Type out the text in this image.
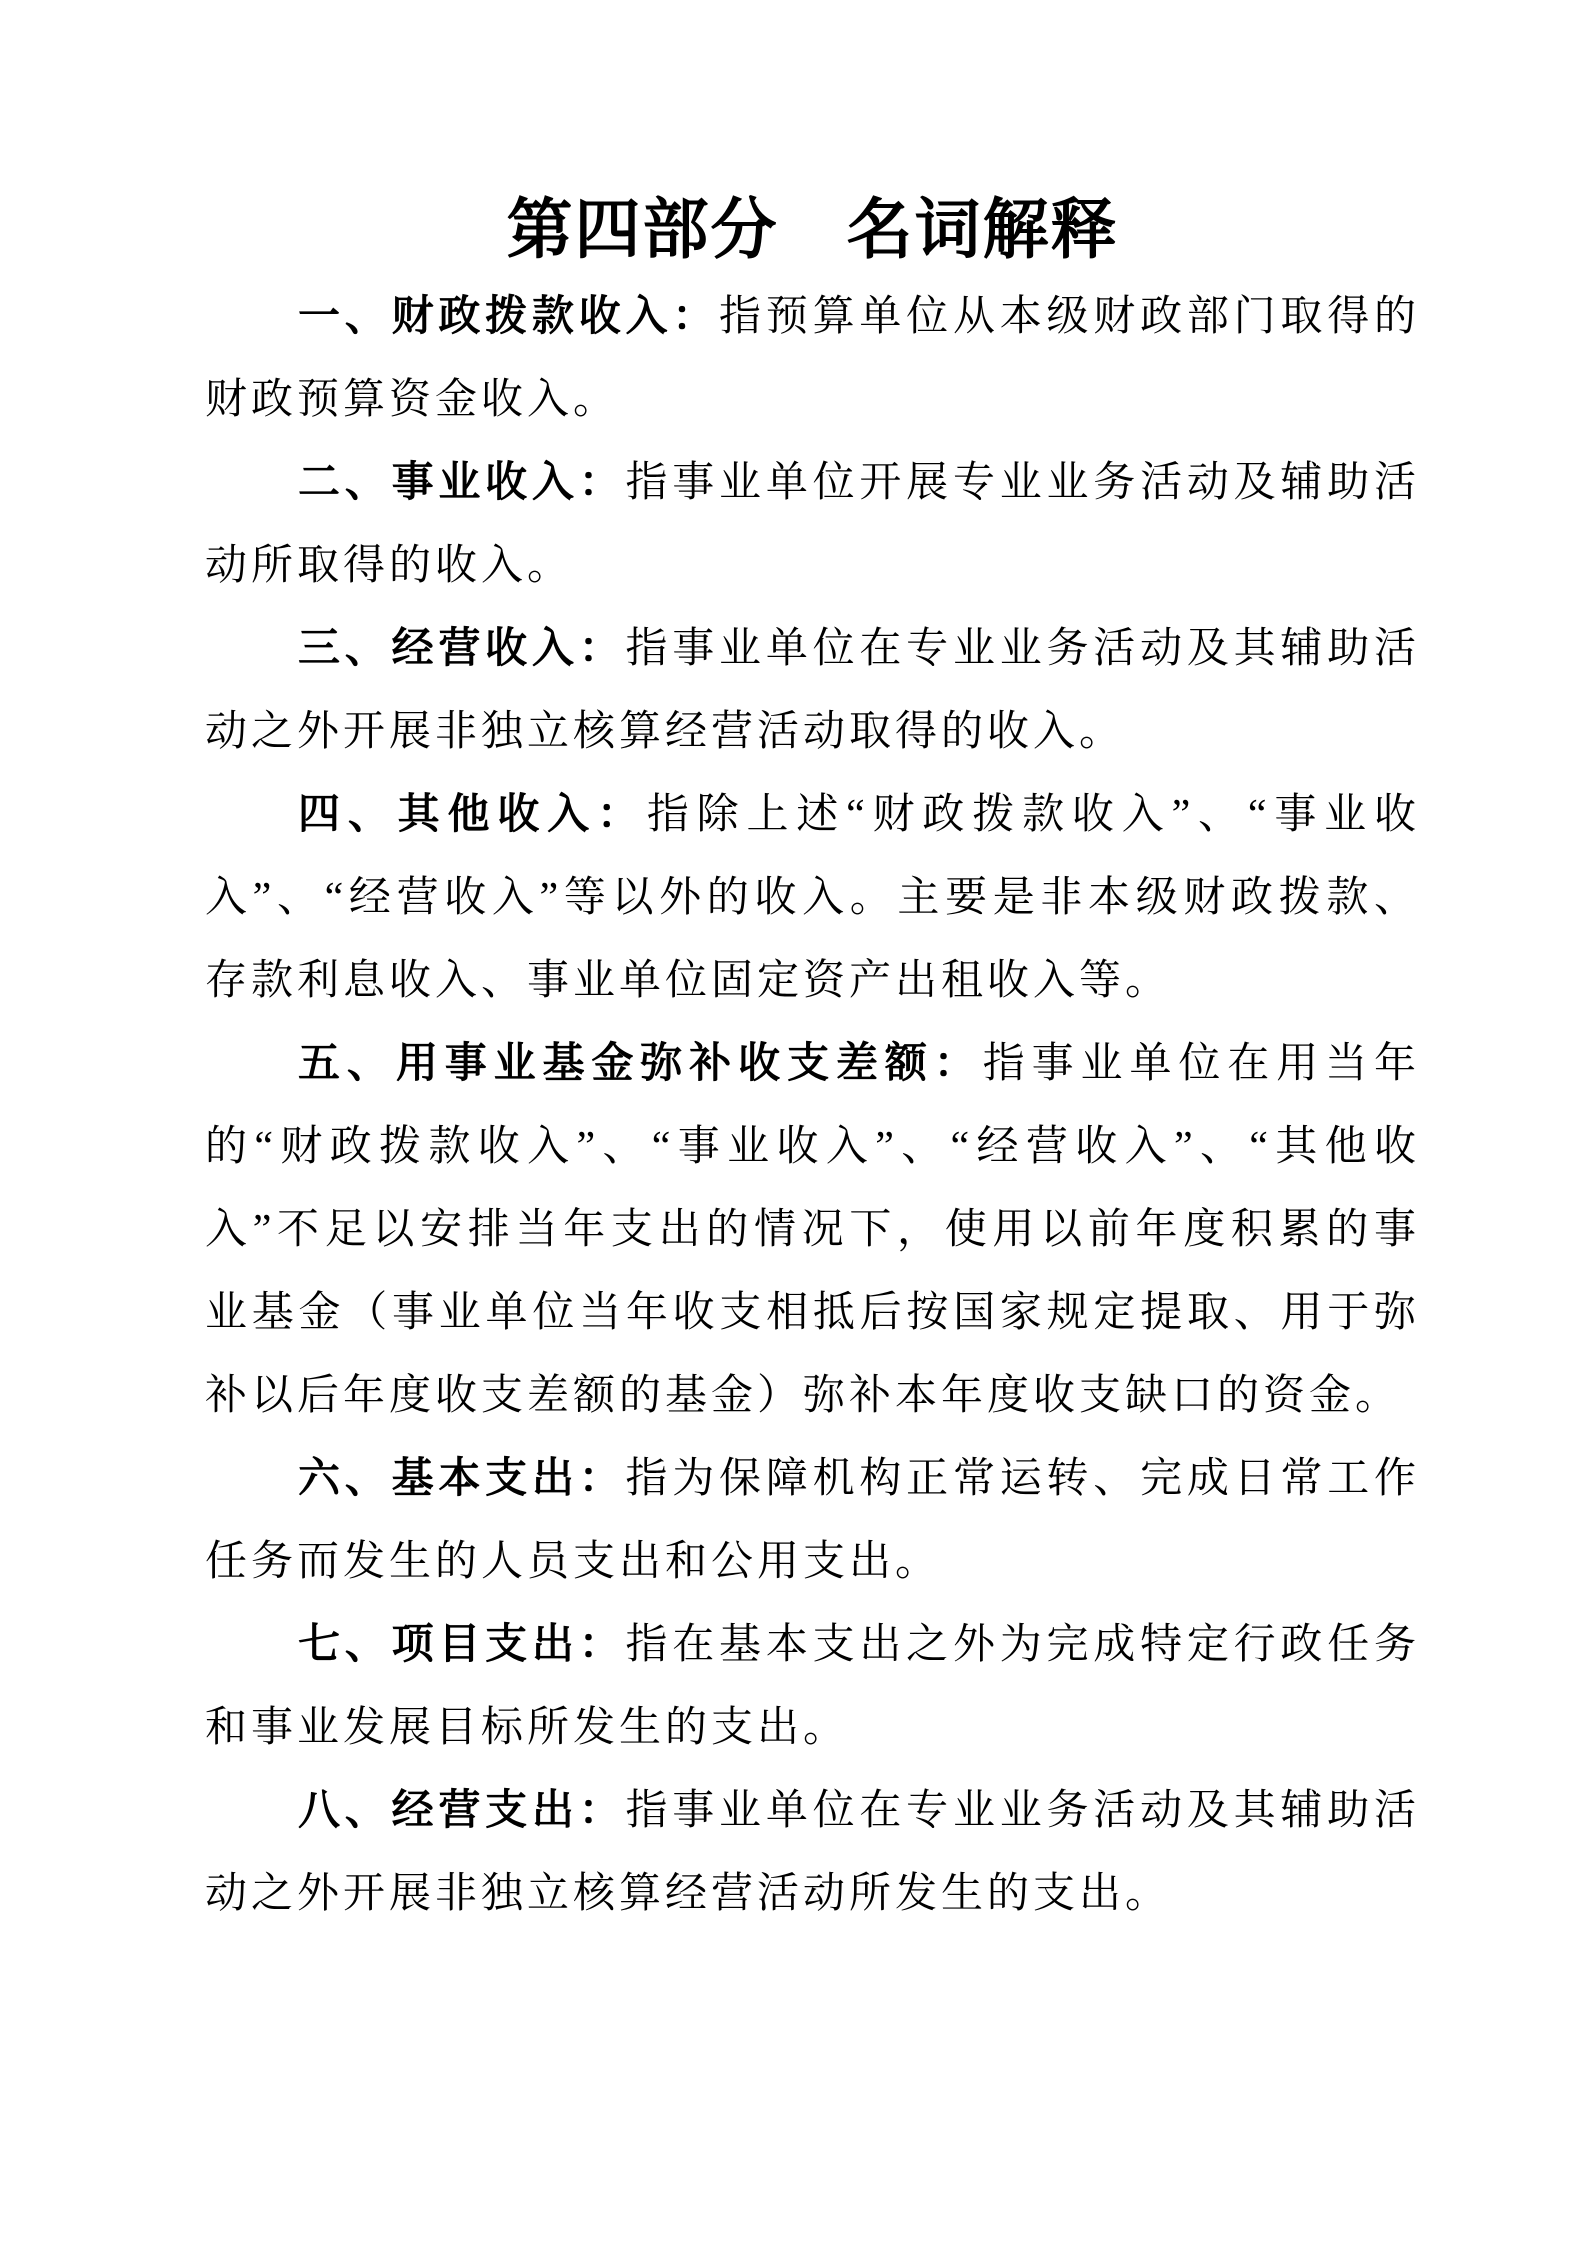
第四部分　名词解释

一、财政拨款收入：指预算单位从本级财政部门取得的财政预算资金收入。

二、事业收入：指事业单位开展专业业务活动及辅助活动所取得的收入。

三、经营收入：指事业单位在专业业务活动及其辅助活动之外开展非独立核算经营活动取得的收入。

四、其他收入：指除上述“财政拨款收入”、“事业收入”、“经营收入”等以外的收入。主要是非本级财政拨款、存款利息收入、事业单位固定资产出租收入等。

五、用事业基金弥补收支差额：指事业单位在用当年的“财政拨款收入”、“事业收入”、“经营收入”、“其他收入”不足以安排当年支出的情况下，使用以前年度积累的事业基金（事业单位当年收支相抵后按国家规定提取、用于弥补以后年度收支差额的基金）弥补本年度收支缺口的资金。

六、基本支出：指为保障机构正常运转、完成日常工作任务而发生的人员支出和公用支出。

七、项目支出：指在基本支出之外为完成特定行政任务和事业发展目标所发生的支出。

八、经营支出：指事业单位在专业业务活动及其辅助活动之外开展非独立核算经营活动所发生的支出。
